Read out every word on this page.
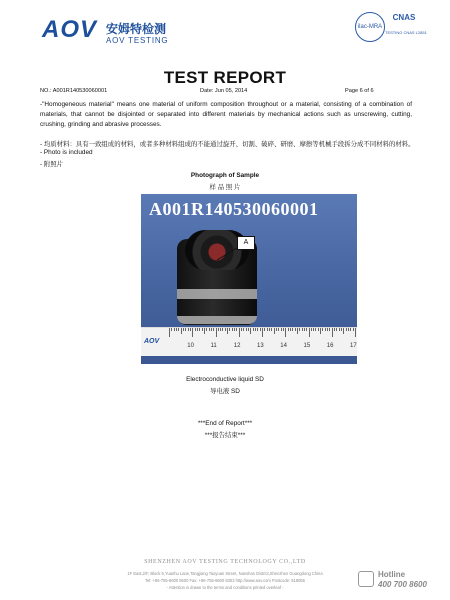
AOV 安姆特检测
AOV TESTING
ilac-MRA
CNAS
TESTING CNAS L2851
TEST REPORT
NO.: A001R140530060001	Date: Jun 05, 2014	Page 6 of 6
-"Homogeneous material" means one material of uniform composition throughout or a material, consisting of a combination of materials, that cannot be disjointed or separated into different materials by mechanical actions such as unscrewing, cutting, crushing, grinding and abrasive processes.
- 均质材料：具有一致组成的材料，或者多种材料组成的不能通过旋开、切割、破碎、研磨、摩擦等机械手段拆分成不同材料的材料。
- Photo is included
- 附照片
Photograph of Sample
样 品 照 片
A001R140530060001
A
AOV
10	11	12	13	14	15	16	17
Electroconductive liquid SD
导电液 SD
***End of Report***
***报告结束***
SHENZHEN AOV TESTING TECHNOLOGY CO.,LTD
1F East,2/F, Block 5,Yuanhu Lane,Tangjiang Taoyuan Street, Nanshan District,Shenzhen Guangdong China
Tel: +86-755-8600 8600 Fax: +86-755-8600 8303 http://www.aov.com Postcode: 518055
- Attention is drawn to the terms and conditions printed overleaf -
Hotline
400 700 8600
